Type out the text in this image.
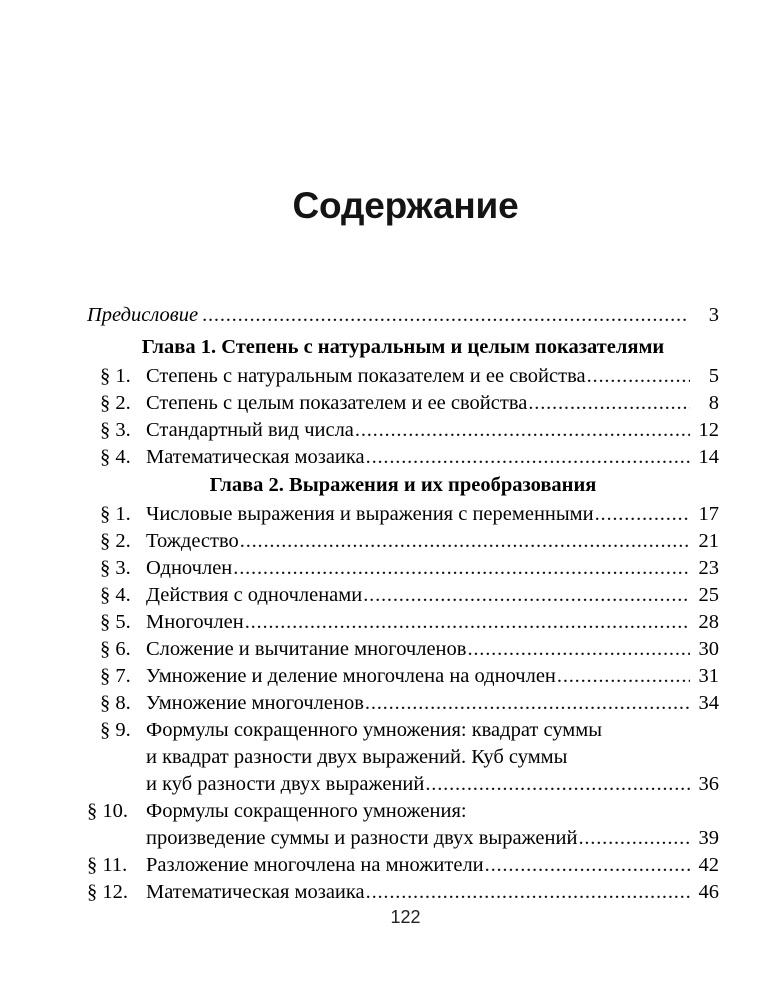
Содержание
Предисловие .....	3
Глава 1. Степень с натуральным и целым показателями
§ 1. Степень с натуральным показателем и ее свойства .....	5
§ 2. Степень с целым показателем и ее свойства .....	8
§ 3. Стандартный вид числа .....	12
§ 4. Математическая мозаика .....	14
Глава 2. Выражения и их преобразования
§ 1. Числовые выражения и выражения с переменными .....	17
§ 2. Тождество .....	21
§ 3. Одночлен .....	23
§ 4. Действия с одночленами .....	25
§ 5. Многочлен .....	28
§ 6. Сложение и вычитание многочленов .....	30
§ 7. Умножение и деление многочлена на одночлен .....	31
§ 8. Умножение многочленов .....	34
§ 9. Формулы сокращенного умножения: квадрат суммы
и квадрат разности двух выражений. Куб суммы
и куб разности двух выражений .....	36
§ 10. Формулы сокращенного умножения:
произведение суммы и разности двух выражений .....	39
§ 11. Разложение многочлена на множители .....	42
§ 12. Математическая мозаика .....	46
122
